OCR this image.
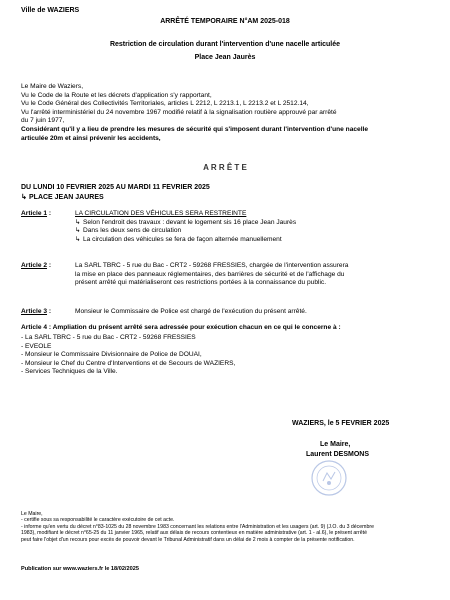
Ville de WAZIERS
ARRÊTÉ TEMPORAIRE N°AM 2025-018
Restriction de circulation durant l'intervention d'une nacelle articulée
Place Jean Jaurès
Le Maire de Waziers,
Vu le Code de la Route et les décrets d'application s'y rapportant,
Vu le Code Général des Collectivités Territoriales, articles L 2212, L 2213.1, L 2213.2 et L 2512.14,
Vu l'arrêté interministériel du 24 novembre 1967 modifié relatif à la signalisation routière approuvé par arrêté
du 7 juin 1977,
Considérant qu'il y a lieu de prendre les mesures de sécurité qui s'imposent durant l'intervention d'une nacelle
articulée 20m et ainsi prévenir les accidents,
A R R Ê T E
DU LUNDI 10 FEVRIER 2025 AU MARDI 11 FEVRIER 2025
↳ PLACE JEAN JAURES
Article 1 :	LA CIRCULATION DES VÉHICULES SERA RESTREINTE
↳ Selon l'endroit des travaux : devant le logement sis 16 place Jean Jaurès
↳ Dans les deux sens de circulation
↳ La circulation des véhicules se fera de façon alternée manuellement
Article 2 :	La SARL TBRC - 5 rue du Bac - CRT2 - 59268 FRESSIES, chargée de l'intervention assurera
la mise en place des panneaux réglementaires, des barrières de sécurité et de l'affichage du
présent arrêté qui matérialiseront ces restrictions portées à la connaissance du public.
Article 3 :	Monsieur le Commissaire de Police est chargé de l'exécution du présent arrêté.
Article 4 : Ampliation du présent arrêté sera adressée pour exécution chacun en ce qui le concerne à :
- La SARL TBRC - 5 rue du Bac - CRT2 - 59268 FRESSIES
- EVEOLE
- Monsieur le Commissaire Divisionnaire de Police de DOUAI,
- Monsieur le Chef du Centre d'Interventions et de Secours de WAZIERS,
- Services Techniques de la Ville.
WAZIERS, le 5 FEVRIER 2025
Le Maire,
Laurent DESMONS
Le Maire,
- certifie sous sa responsabilité le caractère exécutoire de cet acte.
- informe qu'en vertu du décret n°83-1025 du 28 novembre 1983 concernant les relations entre l'Administration et les usagers (art. 9) (J.O. du 3 décembre
1983), modifiant le décret n°65-25 du 11 janvier 1965, relatif aux délais de recours contentieux en matière administrative (art. 1 - al.6), le présent arrêté
peut faire l'objet d'un recours pour excès de pouvoir devant le Tribunal Administratif dans un délai de 2 mois à compter de la présente notification.
Publication sur www.waziers.fr le 18/02/2025
